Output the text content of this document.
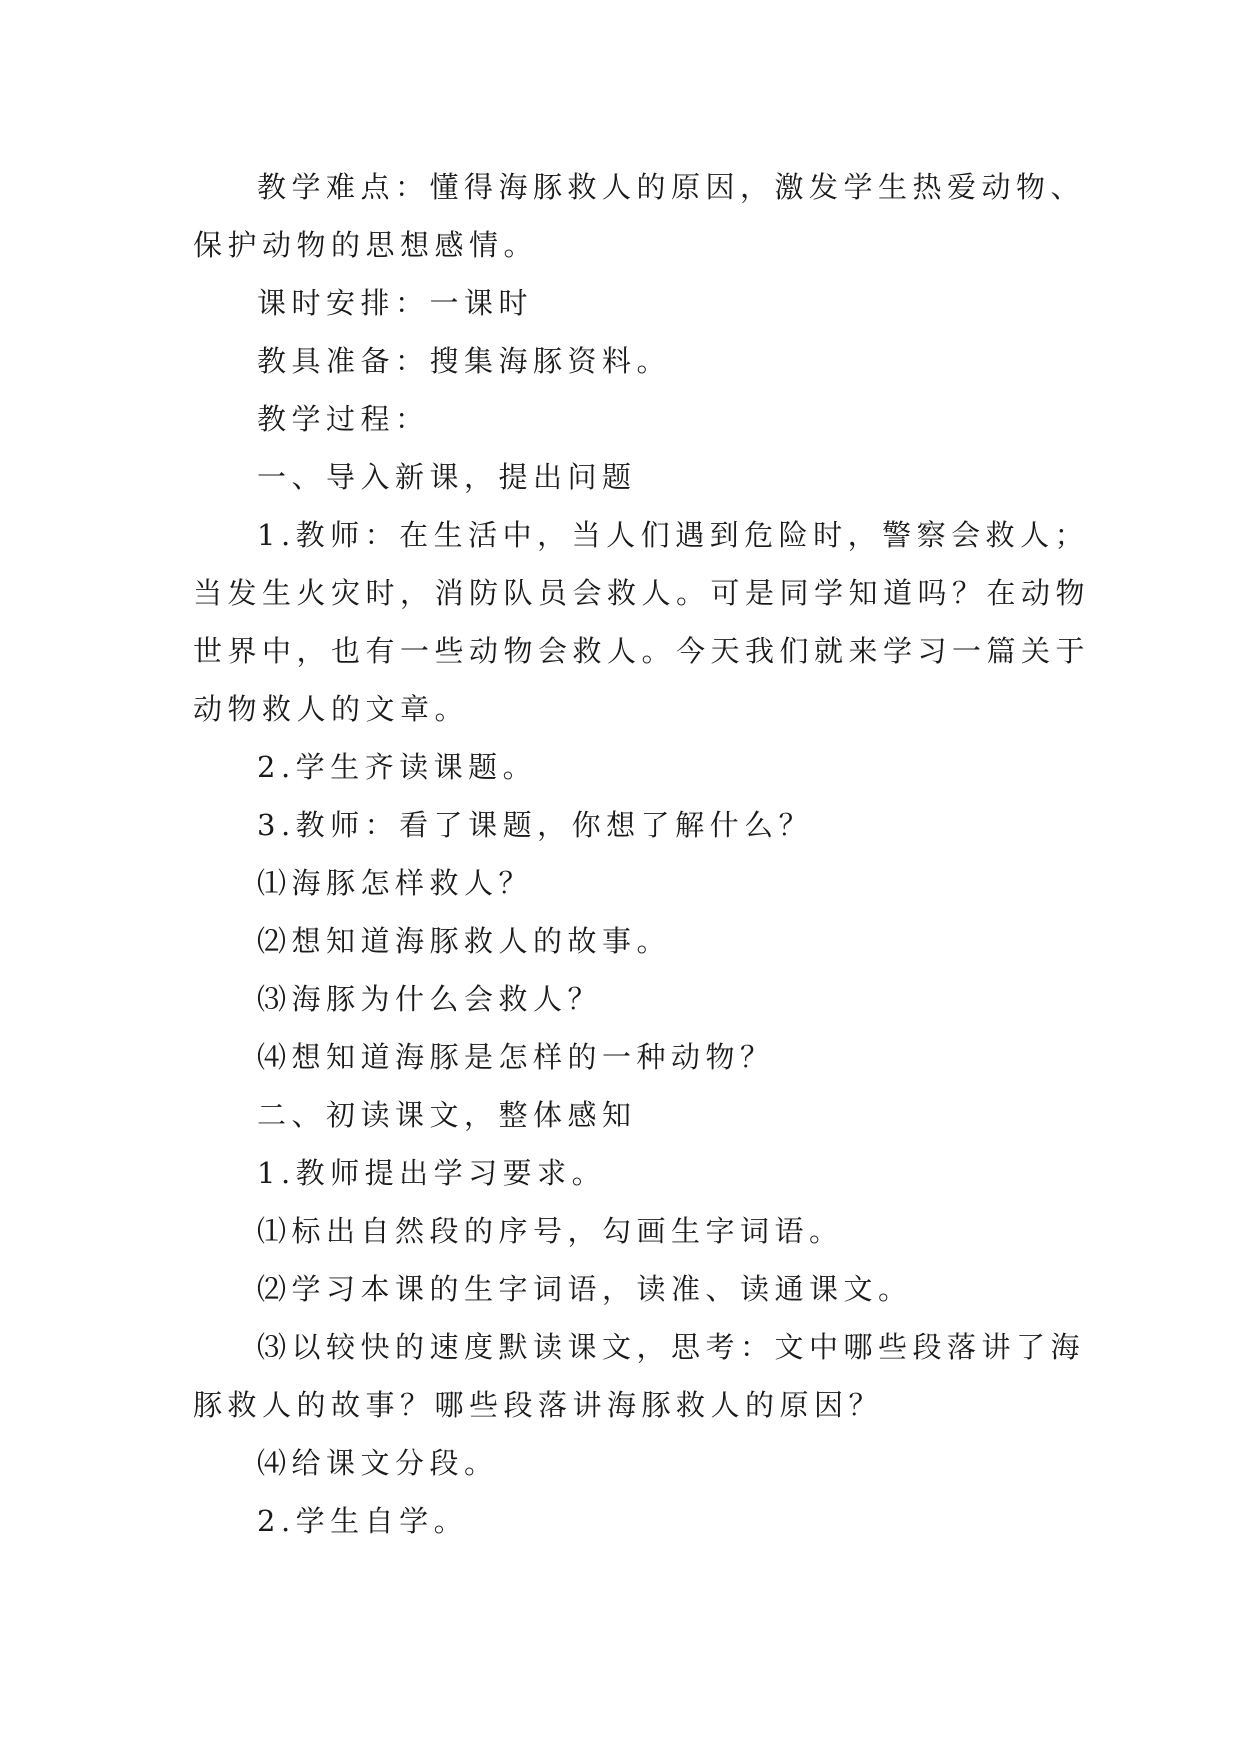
教学难点：懂得海豚救人的原因，激发学生热爱动物、
保护动物的思想感情。
课时安排：一课时
教具准备：搜集海豚资料。
教学过程：
一、导入新课，提出问题
1.教师：在生活中，当人们遇到危险时，警察会救人；
当发生火灾时，消防队员会救人。可是同学知道吗？在动物
世界中，也有一些动物会救人。今天我们就来学习一篇关于
动物救人的文章。
2.学生齐读课题。
3.教师：看了课题，你想了解什么？
⑴海豚怎样救人？
⑵想知道海豚救人的故事。
⑶海豚为什么会救人？
⑷想知道海豚是怎样的一种动物？
二、初读课文，整体感知
1.教师提出学习要求。
⑴标出自然段的序号，勾画生字词语。
⑵学习本课的生字词语，读准、读通课文。
⑶以较快的速度默读课文，思考：文中哪些段落讲了海
豚救人的故事？哪些段落讲海豚救人的原因？
⑷给课文分段。
2.学生自学。
